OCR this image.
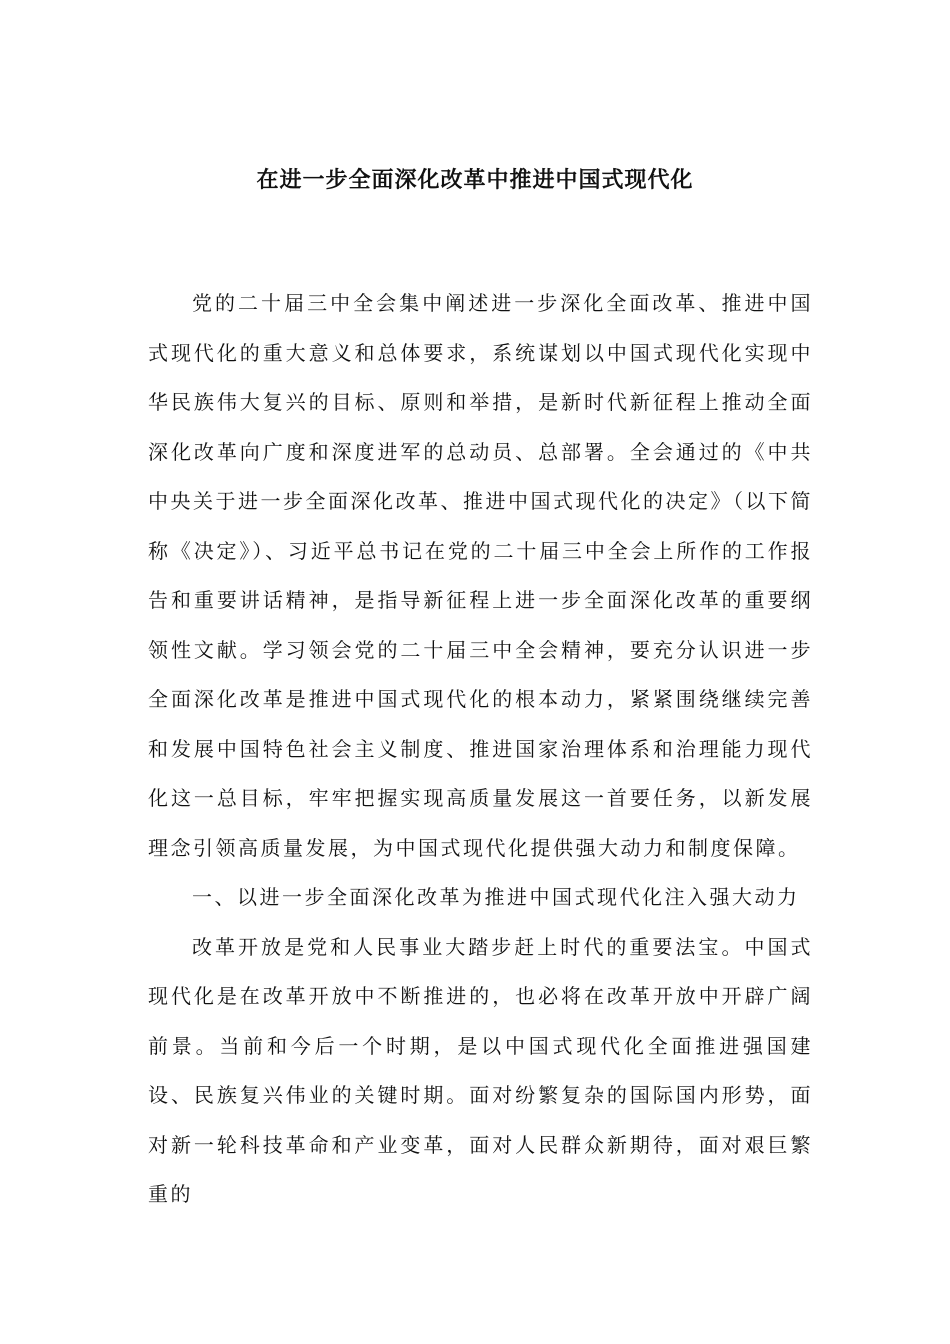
在进一步全面深化改革中推进中国式现代化

党的二十届三中全会集中阐述进一步深化全面改革、推进中国式现代化的重大意义和总体要求，系统谋划以中国式现代化实现中华民族伟大复兴的目标、原则和举措，是新时代新征程上推动全面深化改革向广度和深度进军的总动员、总部署。全会通过的《中共中央关于进一步全面深化改革、推进中国式现代化的决定》（以下简称《决定》）、习近平总书记在党的二十届三中全会上所作的工作报告和重要讲话精神，是指导新征程上进一步全面深化改革的重要纲领性文献。学习领会党的二十届三中全会精神，要充分认识进一步全面深化改革是推进中国式现代化的根本动力，紧紧围绕继续完善和发展中国特色社会主义制度、推进国家治理体系和治理能力现代化这一总目标，牢牢把握实现高质量发展这一首要任务，以新发展理念引领高质量发展，为中国式现代化提供强大动力和制度保障。

一、以进一步全面深化改革为推进中国式现代化注入强大动力

改革开放是党和人民事业大踏步赶上时代的重要法宝。中国式现代化是在改革开放中不断推进的，也必将在改革开放中开辟广阔前景。当前和今后一个时期，是以中国式现代化全面推进强国建设、民族复兴伟业的关键时期。面对纷繁复杂的国际国内形势，面对新一轮科技革命和产业变革，面对人民群众新期待，面对艰巨繁重的
